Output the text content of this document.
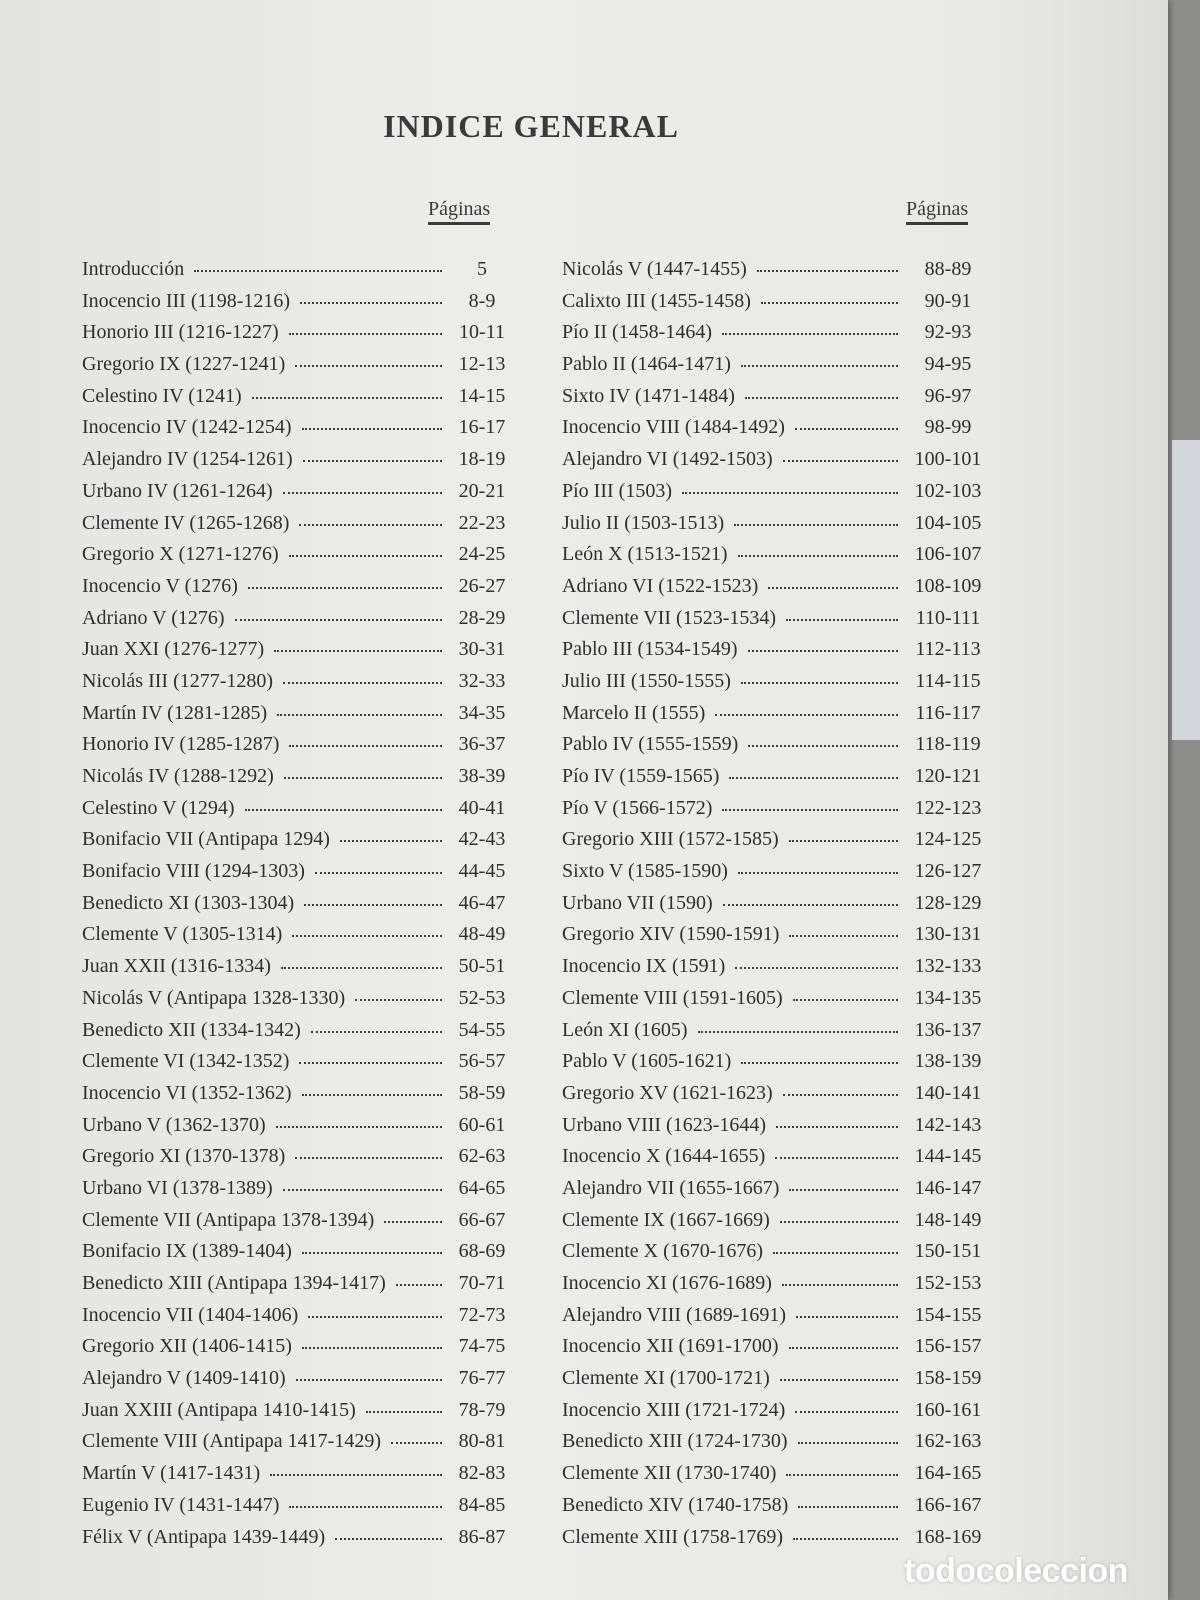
INDICE GENERAL
Páginas	Páginas
Introducción	5
Inocencio III (1198-1216)	8-9
Honorio III (1216-1227)	10-11
Gregorio IX (1227-1241)	12-13
Celestino IV (1241)	14-15
Inocencio IV (1242-1254)	16-17
Alejandro IV (1254-1261)	18-19
Urbano IV (1261-1264)	20-21
Clemente IV (1265-1268)	22-23
Gregorio X (1271-1276)	24-25
Inocencio V (1276)	26-27
Adriano V (1276)	28-29
Juan XXI (1276-1277)	30-31
Nicolás III (1277-1280)	32-33
Martín IV (1281-1285)	34-35
Honorio IV (1285-1287)	36-37
Nicolás IV (1288-1292)	38-39
Celestino V (1294)	40-41
Bonifacio VII (Antipapa 1294)	42-43
Bonifacio VIII (1294-1303)	44-45
Benedicto XI (1303-1304)	46-47
Clemente V (1305-1314)	48-49
Juan XXII (1316-1334)	50-51
Nicolás V (Antipapa 1328-1330)	52-53
Benedicto XII (1334-1342)	54-55
Clemente VI (1342-1352)	56-57
Inocencio VI (1352-1362)	58-59
Urbano V (1362-1370)	60-61
Gregorio XI (1370-1378)	62-63
Urbano VI (1378-1389)	64-65
Clemente VII (Antipapa 1378-1394)	66-67
Bonifacio IX (1389-1404)	68-69
Benedicto XIII (Antipapa 1394-1417)	70-71
Inocencio VII (1404-1406)	72-73
Gregorio XII (1406-1415)	74-75
Alejandro V (1409-1410)	76-77
Juan XXIII (Antipapa 1410-1415)	78-79
Clemente VIII (Antipapa 1417-1429)	80-81
Martín V (1417-1431)	82-83
Eugenio IV (1431-1447)	84-85
Félix V (Antipapa 1439-1449)	86-87
Nicolás V (1447-1455)	88-89
Calixto III (1455-1458)	90-91
Pío II (1458-1464)	92-93
Pablo II (1464-1471)	94-95
Sixto IV (1471-1484)	96-97
Inocencio VIII (1484-1492)	98-99
Alejandro VI (1492-1503)	100-101
Pío III (1503)	102-103
Julio II (1503-1513)	104-105
León X (1513-1521)	106-107
Adriano VI (1522-1523)	108-109
Clemente VII (1523-1534)	110-111
Pablo III (1534-1549)	112-113
Julio III (1550-1555)	114-115
Marcelo II (1555)	116-117
Pablo IV (1555-1559)	118-119
Pío IV (1559-1565)	120-121
Pío V (1566-1572)	122-123
Gregorio XIII (1572-1585)	124-125
Sixto V (1585-1590)	126-127
Urbano VII (1590)	128-129
Gregorio XIV (1590-1591)	130-131
Inocencio IX (1591)	132-133
Clemente VIII (1591-1605)	134-135
León XI (1605)	136-137
Pablo V (1605-1621)	138-139
Gregorio XV (1621-1623)	140-141
Urbano VIII (1623-1644)	142-143
Inocencio X (1644-1655)	144-145
Alejandro VII (1655-1667)	146-147
Clemente IX (1667-1669)	148-149
Clemente X (1670-1676)	150-151
Inocencio XI (1676-1689)	152-153
Alejandro VIII (1689-1691)	154-155
Inocencio XII (1691-1700)	156-157
Clemente XI (1700-1721)	158-159
Inocencio XIII (1721-1724)	160-161
Benedicto XIII (1724-1730)	162-163
Clemente XII (1730-1740)	164-165
Benedicto XIV (1740-1758)	166-167
Clemente XIII (1758-1769)	168-169
todocoleccion
